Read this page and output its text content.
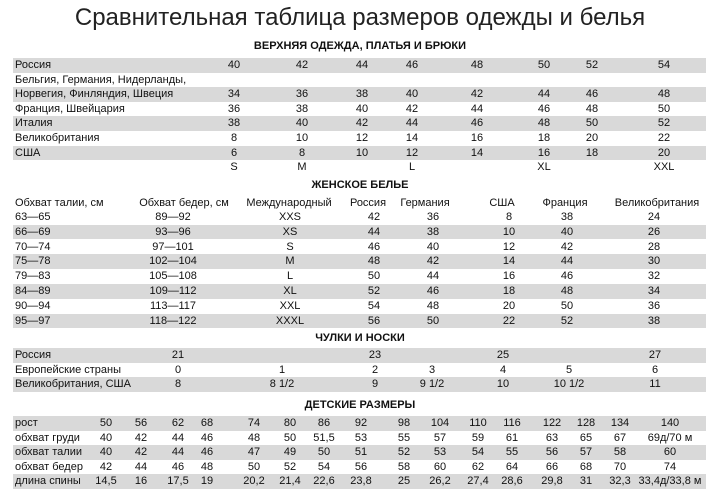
Сравнительная таблица размеров одежды и белья
ВЕРХНЯЯ ОДЕЖДА, ПЛАТЬЯ И БРЮКИ
Россия	40	42	44	46	48	50	52	54
Бельгия, Германия, Нидерланды,
Норвегия, Финляндия, Швеция	34	36	38	40	42	44	46	48
Франция, Швейцария	36	38	40	42	44	46	48	50
Италия	38	40	42	44	46	48	50	52
Великобритания	8	10	12	14	16	18	20	22
США	6	8	10	12	14	16	18	20
S	M	L	XL	XXL
ЖЕНСКОЕ БЕЛЬЕ
Обхват талии, см	Обхват бедер, см Международный Россия Германия	США	Франция Великобритания
63—65	89—92	XXS	42	36	8	38	24
66—69	93—96	XS	44	38	10	40	26
70—74	97—101	S	46	40	12	42	28
75—78	102—104	M	48	42	14	44	30
79—83	105—108	L	50	44	16	46	32
84—89	109—112	XL	52	46	18	48	34
90—94	113—117	XXL	54	48	20	50	36
95—97	118—122	XXXL	56	50	22	52	38
ЧУЛКИ И НОСКИ
Россия	21	23	25	27
Европейские страны	0	1	2	3	4	5	6
Великобритания, США	8	8 1/2	9	9 1/2	10	10 1/2	11
ДЕТСКИЕ РАЗМЕРЫ
рост	50 56 62 68	74 80 86 92	98 104 110 116 122 128 134	140
обхват груди 40 42 44 46	48 50 51,5 53	55 57 59 61	63 65 67 69д/70 м
обхват талии 40 42 44 46	47 49 50 51	52 53 54 55	56 57 58	60
обхват бедер 42 44 46 48	50 52 54 56	58 60 62 64	66 68 70	74
длина спины 14,5 16 17,5 19	20,2 21,4 22,6 23,8 25 26,2 27,4 28,6 29,8 31 32,3 33,4д/33,8 м
